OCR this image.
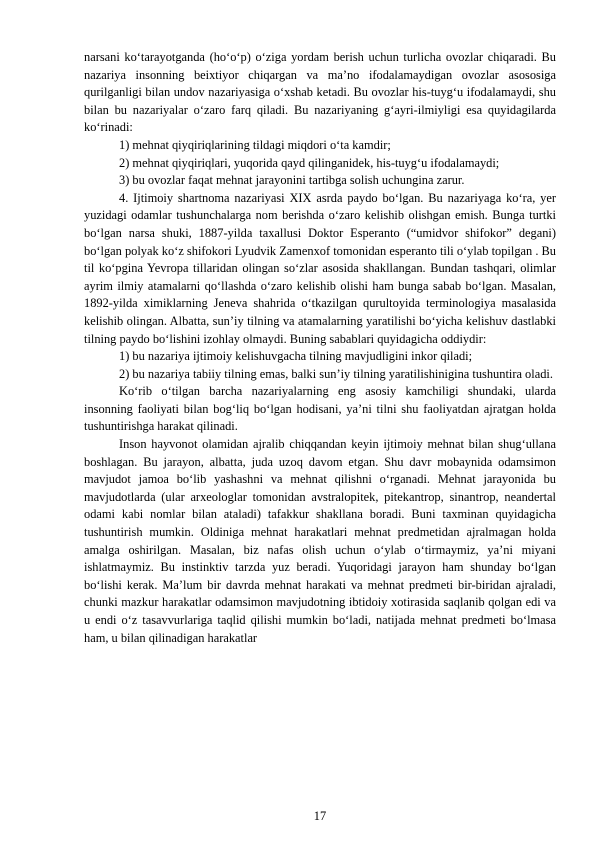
narsani ko‘tarayotganda (ho‘o‘p) o‘ziga yordam berish uchun turlicha ovozlar chiqaradi. Bu nazariya insonning beixtiyor chiqargan va ma’no ifodalamaydigan ovozlar asososiga qurilganligi bilan undov nazariyasiga o‘xshab ketadi. Bu ovozlar his-tuyg‘u ifodalamaydi, shu bilan bu nazariyalar o‘zaro farq qiladi. Bu nazariyaning g‘ayri-ilmiyligi esa quyidagilarda ko‘rinadi:

1) mehnat qiyqiriqlarining tildagi miqdori o‘ta kamdir;

2) mehnat qiyqiriqlari, yuqorida qayd qilinganidek, his-tuyg‘u ifodalamaydi;

3) bu ovozlar faqat mehnat jarayonini tartibga solish uchungina zarur.

4. Ijtimoiy shartnoma nazariyasi XIX asrda paydo bo‘lgan. Bu nazariyaga ko‘ra, yer yuzidagi odamlar tushunchalarga nom berishda o‘zaro kelishib olishgan emish. Bunga turtki bo‘lgan narsa shuki, 1887-yilda taxallusi Doktor Esperanto (“umidvor shifokor” degani) bo‘lgan polyak ko‘z shifokori Lyudvik Zamenxof tomonidan esperanto tili o‘ylab topilgan . Bu til ko‘pgina Yevropa tillaridan olingan so‘zlar asosida shakllangan. Bundan tashqari, olimlar ayrim ilmiy atamalarni qo‘llashda o‘zaro kelishib olishi ham bunga sabab bo‘lgan. Masalan, 1892-yilda ximiklarning Jeneva shahrida o‘tkazilgan qurultoyida terminologiya masalasida kelishib olingan. Albatta, sun’iy tilning va atamalarning yaratilishi bo‘yicha kelishuv dastlabki tilning paydo bo‘lishini izohlay olmaydi. Buning sabablari quyidagicha oddiydir:

1) bu nazariya ijtimoiy kelishuvgacha tilning mavjudligini inkor qiladi;

2) bu nazariya tabiiy tilning emas, balki sun’iy tilning yaratilishinigina tushuntira oladi.

Ko‘rib o‘tilgan barcha nazariyalarning eng asosiy kamchiligi shundaki, ularda insonning faoliyati bilan bog‘liq bo‘lgan hodisani, ya’ni tilni shu faoliyatdan ajratgan holda tushuntirishga harakat qilinadi.

Inson hayvonot olamidan ajralib chiqqandan keyin ijtimoiy mehnat bilan shug‘ullana boshlagan. Bu jarayon, albatta, juda uzoq davom etgan. Shu davr mobaynida odamsimon mavjudot jamoa bo‘lib yashashni va mehnat qilishni o‘rganadi. Mehnat jarayonida bu mavjudotlarda (ular arxeologlar tomonidan avstralopitek, pitekantrop, sinantrop, neandertal odami kabi nomlar bilan ataladi) tafakkur shakllana boradi. Buni taxminan quyidagicha tushuntirish mumkin. Oldiniga mehnat harakatlari mehnat predmetidan ajralmagan holda amalga oshirilgan. Masalan, biz nafas olish uchun o‘ylab o‘tirmaymiz, ya’ni miyani ishlatmaymiz. Bu instinktiv tarzda yuz beradi. Yuqoridagi jarayon ham shunday bo‘lgan bo‘lishi kerak. Ma’lum bir davrda mehnat harakati va mehnat predmeti bir-biridan ajraladi, chunki mazkur harakatlar odamsimon mavjudotning ibtidoiy xotirasida saqlanib qolgan edi va u endi o‘z tasavvurlariga taqlid qilishi mumkin bo‘ladi, natijada mehnat predmeti bo‘lmasa ham, u bilan qilinadigan harakatlar

17
